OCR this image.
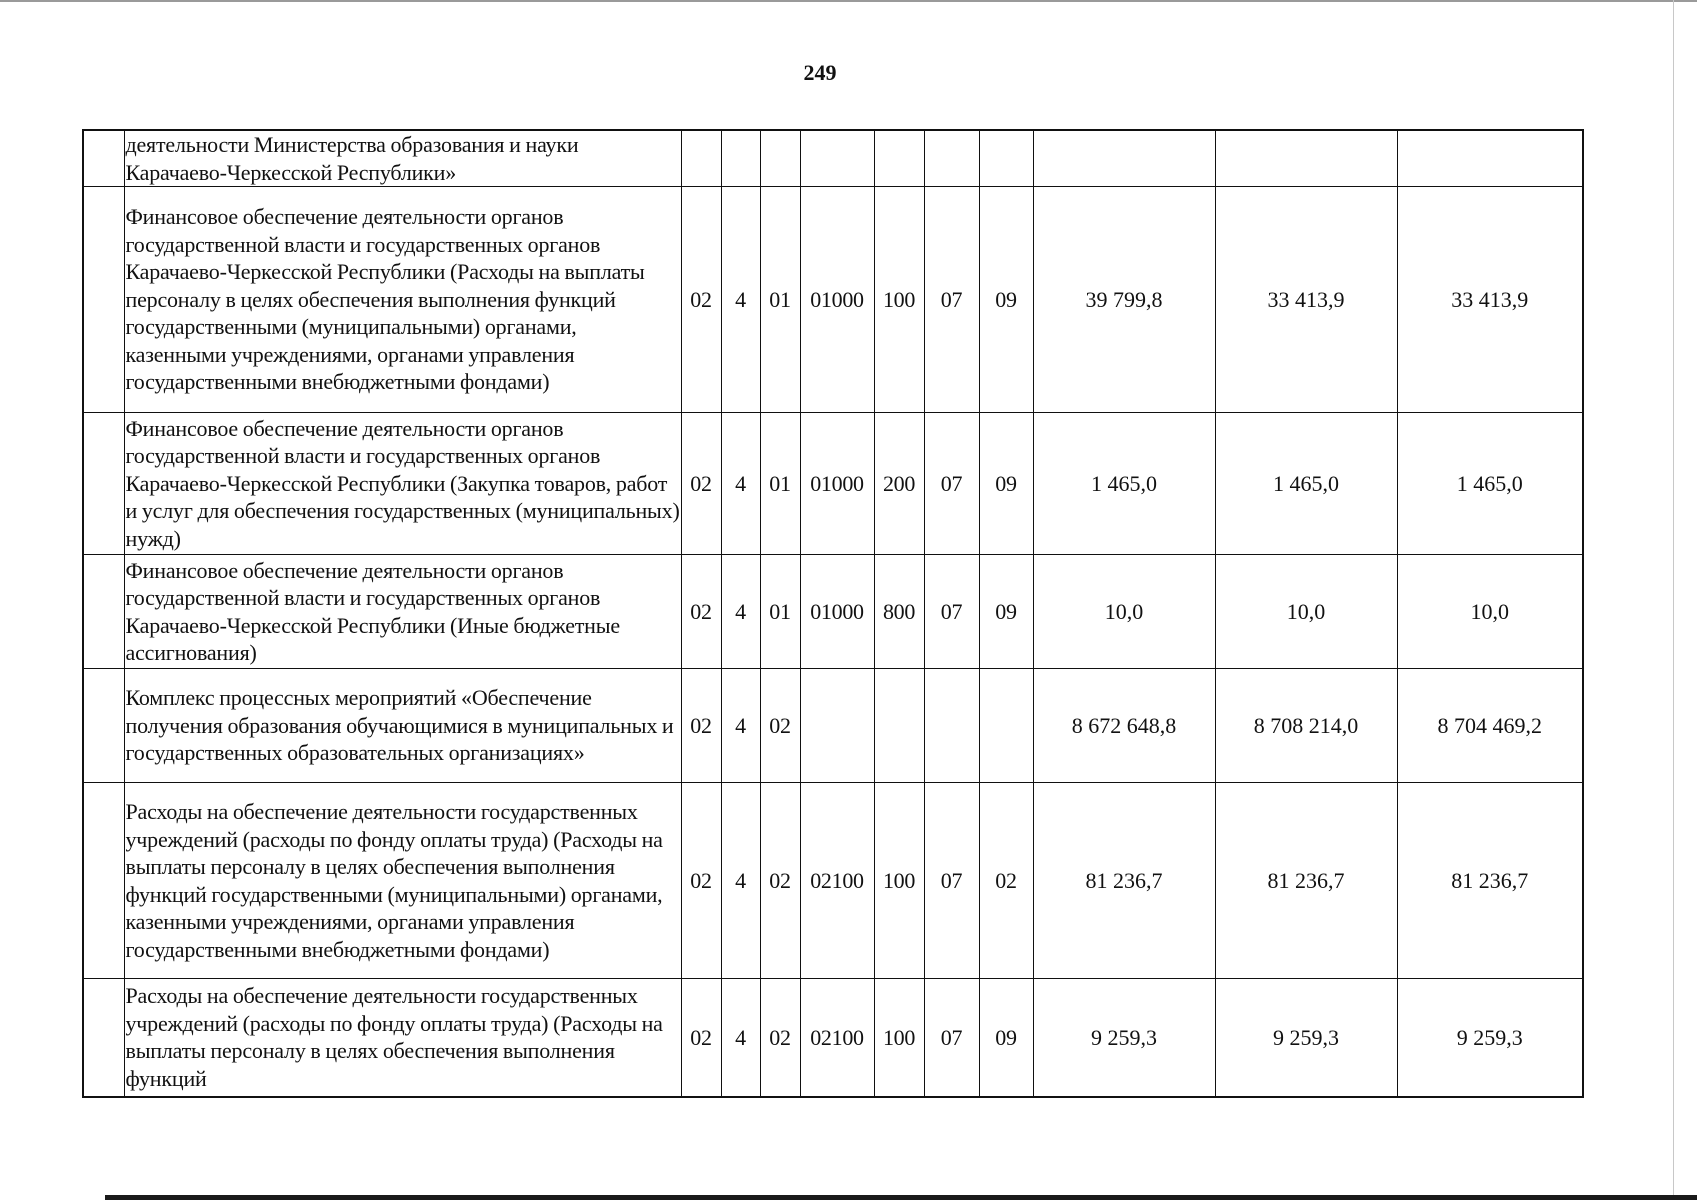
249
	деятельности Министерства образования и науки Карачаево-Черкесской Республики»										
	Финансовое обеспечение деятельности органов государственной власти и государственных органов Карачаево-Черкесской Республики (Расходы на выплаты персоналу в целях обеспечения выполнения функций государственными (муниципальными) органами, казенными учреждениями, органами управления государственными внебюджетными фондами)	02	4	01	01000	100	07	09	39 799,8	33 413,9	33 413,9
	Финансовое обеспечение деятельности органов государственной власти и государственных органов Карачаево-Черкесской Республики (Закупка товаров, работ и услуг для обеспечения государственных (муниципальных) нужд)	02	4	01	01000	200	07	09	1 465,0	1 465,0	1 465,0
	Финансовое обеспечение деятельности органов государственной власти и государственных органов Карачаево-Черкесской Республики (Иные бюджетные ассигнования)	02	4	01	01000	800	07	09	10,0	10,0	10,0
	Комплекс процессных мероприятий «Обеспечение получения образования обучающимися в муниципальных и государственных образовательных организациях»	02	4	02					8 672 648,8	8 708 214,0	8 704 469,2
	Расходы на обеспечение деятельности государственных учреждений (расходы по фонду оплаты труда) (Расходы на выплаты персоналу в целях обеспечения выполнения функций государственными (муниципальными) органами, казенными учреждениями, органами управления государственными внебюджетными фондами)	02	4	02	02100	100	07	02	81 236,7	81 236,7	81 236,7
	Расходы на обеспечение деятельности государственных учреждений (расходы по фонду оплаты труда) (Расходы на выплаты персоналу в целях обеспечения выполнения функций	02	4	02	02100	100	07	09	9 259,3	9 259,3	9 259,3
